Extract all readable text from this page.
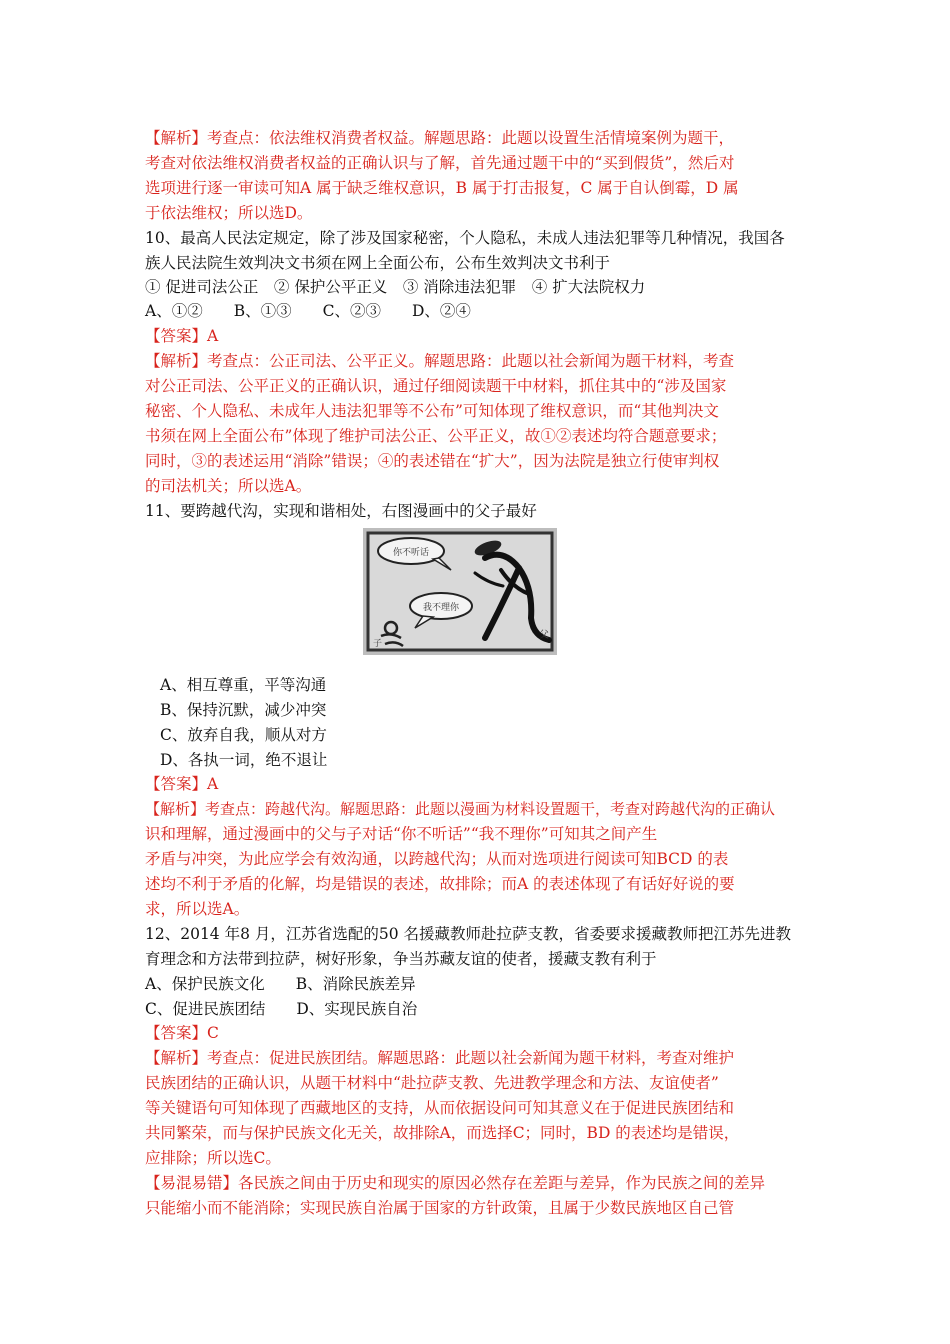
【解析】考查点：依法维权消费者权益。解题思路：此题以设置生活情境案例为题干，
考查对依法维权消费者权益的正确认识与了解，首先通过题干中的“买到假货”，然后对
选项进行逐一审读可知A 属于缺乏维权意识，B 属于打击报复，C 属于自认倒霉，D 属
于依法维权；所以选D。
10、最高人民法定规定，除了涉及国家秘密，个人隐私，未成人违法犯罪等几种情况，我国各
族人民法院生效判决文书须在网上全面公布，公布生效判决文书利于
① 促进司法公正　② 保护公平正义　③ 消除违法犯罪　④ 扩大法院权力
A、①②　　B、①③　　C、②③　　D、②④
【答案】A
【解析】考查点：公正司法、公平正义。解题思路：此题以社会新闻为题干材料，考查
对公正司法、公平正义的正确认识，通过仔细阅读题干中材料，抓住其中的“涉及国家
秘密、个人隐私、未成年人违法犯罪等不公布”可知体现了维权意识，而“其他判决文
书须在网上全面公布”体现了维护司法公正、公平正义，故①②表述均符合题意要求；
同时，③的表述运用“消除”错误；④的表述错在“扩大”，因为法院是独立行使审判权
的司法机关；所以选A。
11、要跨越代沟，实现和谐相处，右图漫画中的父子最好
你不听话
我不理你
父
子
A、相互尊重，平等沟通
B、保持沉默，减少冲突
C、放弃自我，顺从对方
D、各执一词，绝不退让
【答案】A
【解析】考查点：跨越代沟。解题思路：此题以漫画为材料设置题干，考查对跨越代沟的正确认
识和理解，通过漫画中的父与子对话“你不听话”“我不理你”可知其之间产生
矛盾与冲突，为此应学会有效沟通，以跨越代沟；从而对选项进行阅读可知BCD 的表
述均不利于矛盾的化解，均是错误的表述，故排除；而A 的表述体现了有话好好说的要
求，所以选A。
12、2014 年8 月，江苏省选配的50 名援藏教师赴拉萨支教，省委要求援藏教师把江苏先进教
育理念和方法带到拉萨，树好形象，争当苏藏友谊的使者，援藏支教有利于
A、保护民族文化　　B、消除民族差异
C、促进民族团结　　D、实现民族自治
【答案】C
【解析】考查点：促进民族团结。解题思路：此题以社会新闻为题干材料，考查对维护
民族团结的正确认识，从题干材料中“赴拉萨支教、先进教学理念和方法、友谊使者”
等关键语句可知体现了西藏地区的支持，从而依据设问可知其意义在于促进民族团结和
共同繁荣，而与保护民族文化无关，故排除A，而选择C；同时，BD 的表述均是错误，
应排除；所以选C。
【易混易错】各民族之间由于历史和现实的原因必然存在差距与差异，作为民族之间的差异
只能缩小而不能消除；实现民族自治属于国家的方针政策，且属于少数民族地区自己管
